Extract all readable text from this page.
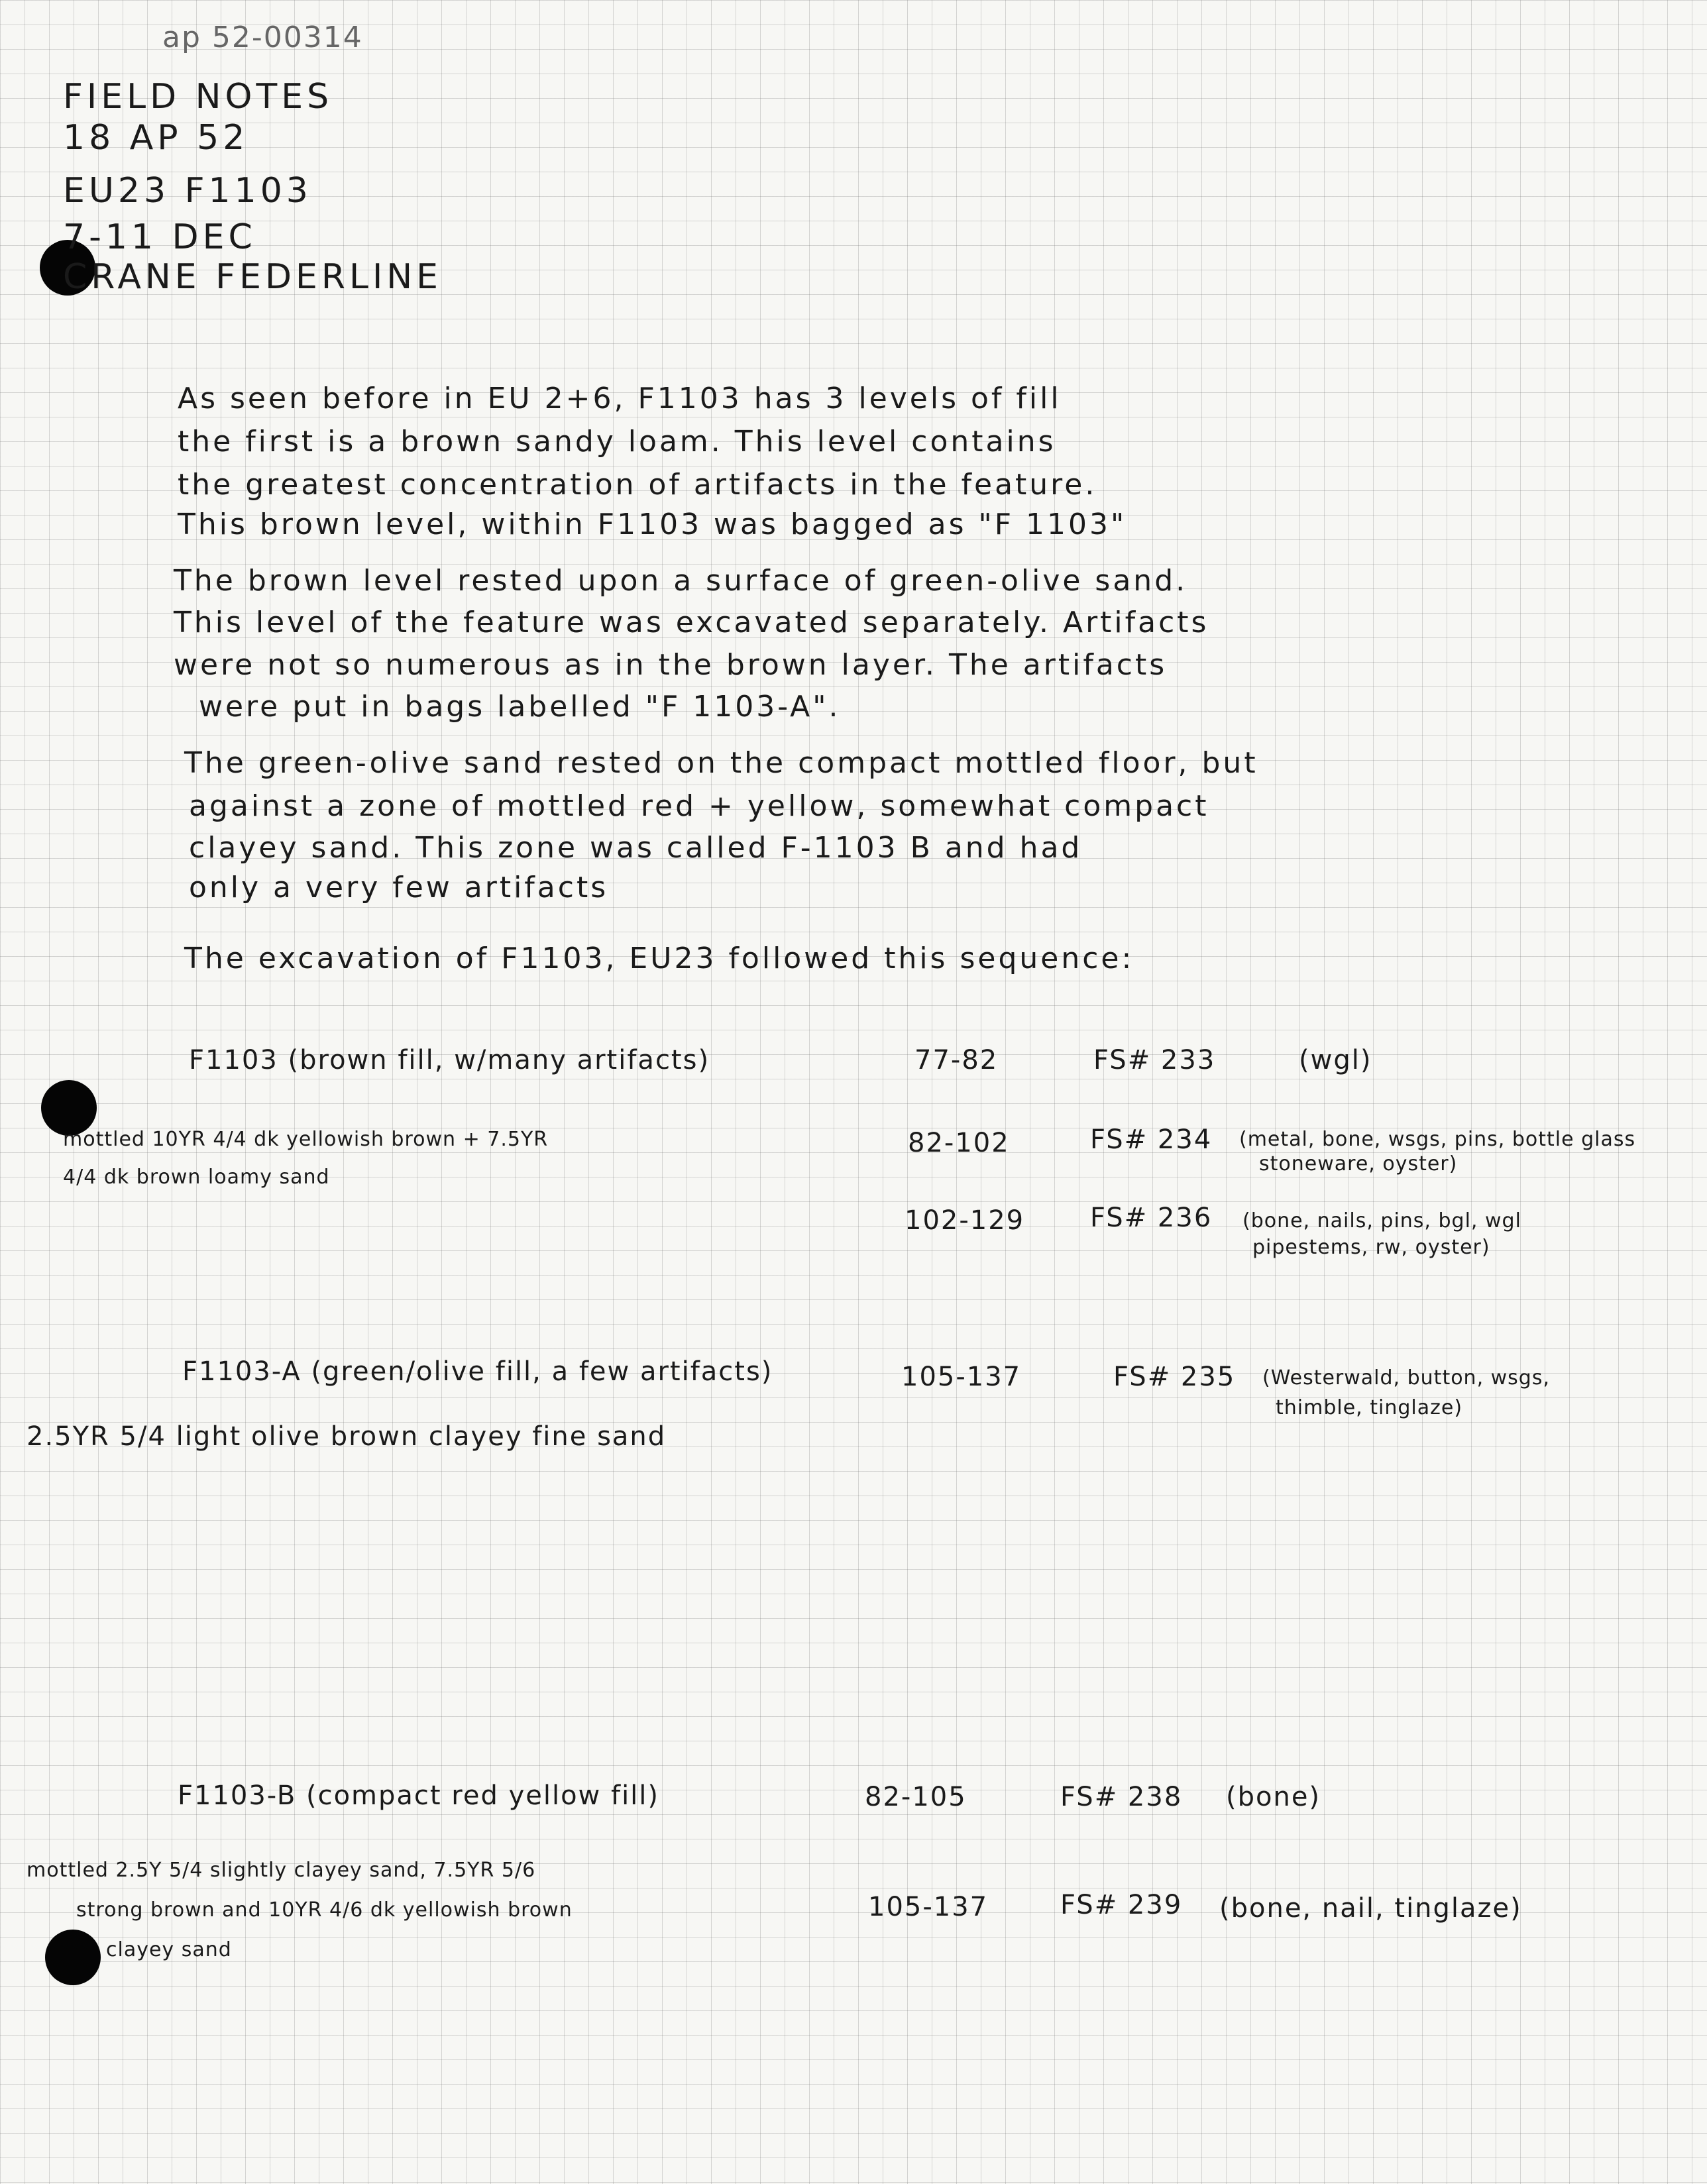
ap 52-00314
FIELD NOTES
18 AP 52
EU23 F1103
7-11 DEC
CRANE FEDERLINE
As seen before in EU 2+6, F1103 has 3 levels of fill
the first is a brown sandy loam. This level contains
the greatest concentration of artifacts in the feature.
This brown level, within F1103 was bagged as "F 1103"
The brown level rested upon a surface of green-olive sand.
This level of the feature was excavated separately. Artifacts
were not so numerous as in the brown layer. The artifacts
were put in bags labelled "F 1103-A".
The green-olive sand rested on the compact mottled floor, but
against a zone of mottled red + yellow, somewhat compact
clayey sand. This zone was called F-1103 B and had
only a very few artifacts
The excavation of F1103, EU23 followed this sequence:
F1103 (brown fill, w/many artifacts)	77-82	FS# 233	(wgl)
mottled 10YR 4/4 dk yellowish brown + 7.5YR
4/4 dk brown loamy sand
82-102	FS# 234 (metal, bone, wsgs, pins, bottle glass
stoneware, oyster)
102-129 FS# 236 (bone, nails, pins, bgl, wgl
pipestems, rw, oyster)
F1103-A (green/olive fill, a few artifacts)	105-137	FS# 235 (Westerwald, button, wsgs,
thimble, tinglaze)
2.5YR 5/4 light olive brown clayey fine sand
F1103-B (compact red yellow fill)	82-105	FS# 238 (bone)
mottled 2.5Y 5/4 slightly clayey sand, 7.5YR 5/6
strong brown and 10YR 4/6 dk yellowish brown
clayey sand
105-137	FS# 239 (bone, nail, tinglaze)
